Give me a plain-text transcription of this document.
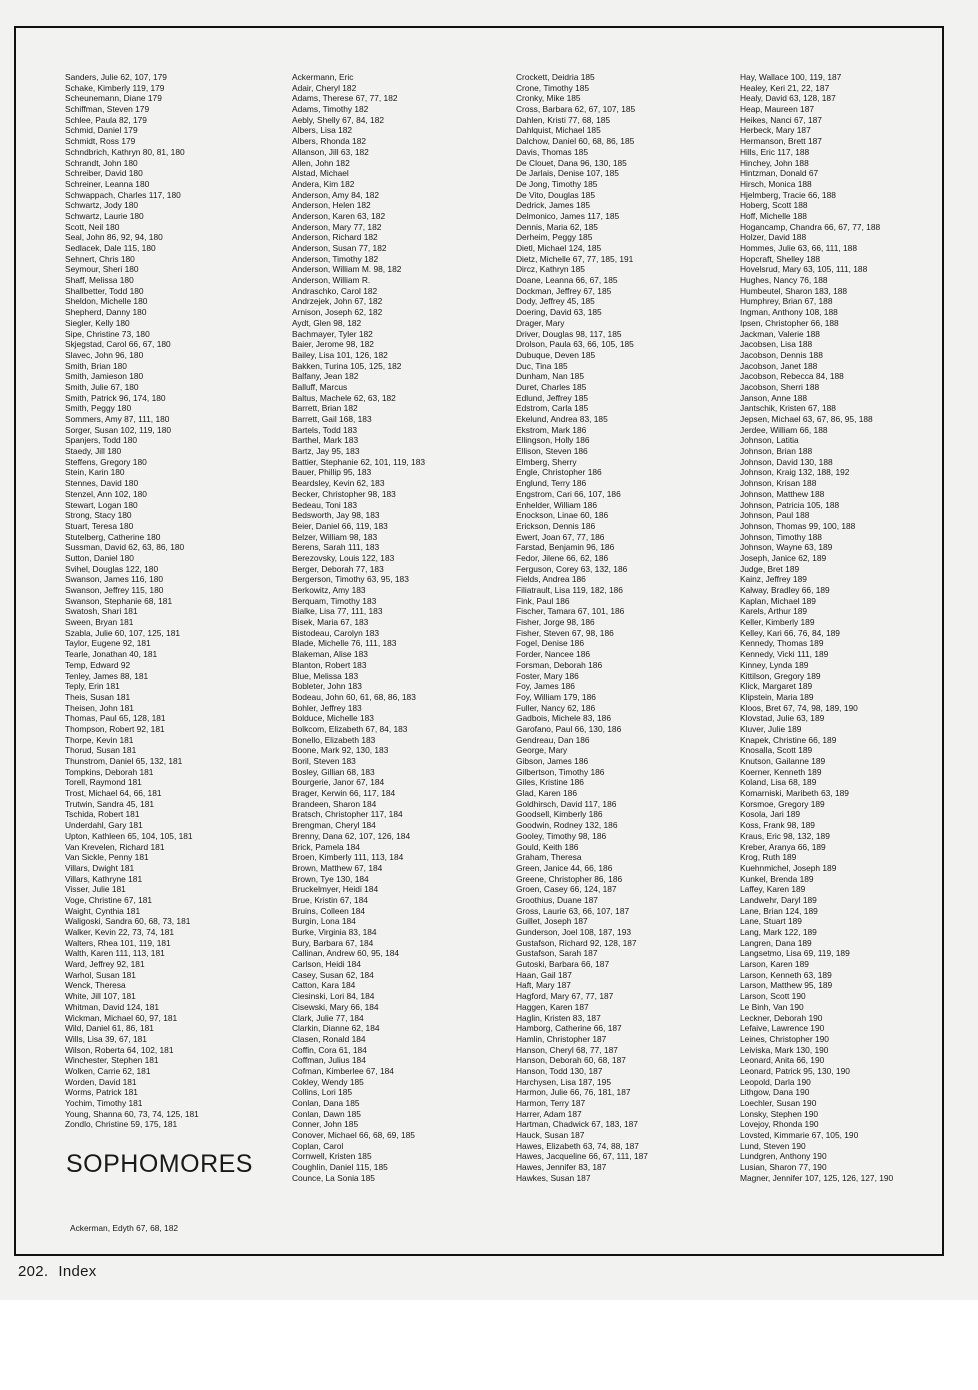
Sanders, Julie 62, 107, 179
Schake, Kimberly 119, 179
Scheunemann, Diane 179
Schiffman, Steven 179
Schlee, Paula 82, 179
Schmid, Daniel 179
Schmidt, Ross 179
Schndbrich, Kathryn 80, 81, 180
Schrandt, John 180
Schreiber, David 180
Schreiner, Leanna 180
Schwappach, Charles 117, 180
Schwartz, Jody 180
Schwartz, Laurie 180
Scott, Neil 180
Seal, John 86, 92, 94, 180
Sedlacek, Dale 115, 180
Sehnert, Chris 180
Seymour, Sheri 180
Shaff, Melissa 180
Shallbetter, Todd 180
Sheldon, Michelle 180
Shepherd, Danny 180
Siegler, Kelly 180
Sipe, Christine 73, 180
Skjegstad, Carol 66, 67, 180
Slavec, John 96, 180
Smith, Brian 180
Smith, Jamieson 180
Smith, Julie 67, 180
Smith, Patrick 96, 174, 180
Smith, Peggy 180
Sommers, Amy 87, 111, 180
Sorger, Susan 102, 119, 180
Spanjers, Todd 180
Staedy, Jill 180
Steffens, Gregory 180
Stein, Karin 180
Stennes, David 180
Stenzel, Ann 102, 180
Stewart, Logan 180
Strong, Stacy 180
Stuart, Teresa 180
Stutelberg, Catherine 180
Sussman, David 62, 63, 86, 180
Sutton, Daniel 180
Svihel, Douglas 122, 180
Swanson, James 116, 180
Swanson, Jeffrey 115, 180
Swanson, Stephanie 68, 181
Swatosh, Shari 181
Sween, Bryan 181
Szabla, Julie 60, 107, 125, 181
Taylor, Eugene 92, 181
Tearle, Jonathan 40, 181
Temp, Edward 92
Tenley, James 88, 181
Teply, Erin 181
Theis, Susan 181
Theisen, John 181
Thomas, Paul 65, 128, 181
Thompson, Robert 92, 181
Thorpe, Kevin 181
Thorud, Susan 181
Thunstrom, Daniel 65, 132, 181
Tompkins, Deborah 181
Torell, Raymond 181
Trost, Michael 64, 66, 181
Trutwin, Sandra 45, 181
Tschida, Robert 181
Underdahl, Gary 181
Upton, Kathleen 65, 104, 105, 181
Van Krevelen, Richard 181
Van Sickle, Penny 181
Villars, Dwight 181
Villars, Kathryne 181
Visser, Julie 181
Voge, Christine 67, 181
Waight, Cynthia 181
Waligoski, Sandra 60, 68, 73, 181
Walker, Kevin 22, 73, 74, 181
Walters, Rhea 101, 119, 181
Walth, Karen 111, 113, 181
Ward, Jeffrey 92, 181
Warhol, Susan 181
Wenck, Theresa
White, Jill 107, 181
Whitman, David 124, 181
Wickman, Michael 60, 97, 181
Wild, Daniel 61, 86, 181
Wills, Lisa 39, 67, 181
Wilson, Roberta 64, 102, 181
Winchester, Stephen 181
Wolken, Carrie 62, 181
Worden, David 181
Worms, Patrick 181
Yochim, Timothy 181
Young, Shanna 60, 73, 74, 125, 181
Zondlo, Christine 59, 175, 181
Ackermann, Eric
Adair, Cheryl 182
Adams, Therese 67, 77, 182
Adams, Timothy 182
Aebly, Shelly 67, 84, 182
Albers, Lisa 182
Albers, Rhonda 182
Allanson, Jill 63, 182
Allen, John 182
Alstad, Michael
Andera, Kim 182
Anderson, Amy 84, 182
Anderson, Helen 182
Anderson, Karen 63, 182
Anderson, Mary 77, 182
Anderson, Richard 182
Anderson, Susan 77, 182
Anderson, Timothy 182
Anderson, William M. 98, 182
Anderson, William R.
Andraschko, Carol 182
Andrzejek, John 67, 182
Arnison, Joseph 62, 182
Aydt, Glen 98, 182
Bachmayer, Tyler 182
Baier, Jerome 98, 182
Bailey, Lisa 101, 126, 182
Bakken, Turina 105, 125, 182
Balfany, Jean 182
Balluff, Marcus
Baltus, Machele 62, 63, 182
Barrett, Brian 182
Barrett, Gail 168, 183
Bartels, Todd 183
Barthel, Mark 183
Bartz, Jay 95, 183
Battier, Stephanie 62, 101, 119, 183
Bauer, Phillip 95, 183
Beardsley, Kevin 62, 183
Becker, Christopher 98, 183
Bedeau, Toni 183
Bedsworth, Jay 98, 183
Beier, Daniel 66, 119, 183
Belzer, William 98, 183
Berens, Sarah 111, 183
Berezovsky, Louis 122, 183
Berger, Deborah 77, 183
Bergerson, Timothy 63, 95, 183
Berkowitz, Amy 183
Berquam, Timothy 183
Bialke, Lisa 77, 111, 183
Bisek, Maria 67, 183
Bistodeau, Carolyn 183
Blade, Michelle 76, 111, 183
Blakeman, Alise 183
Blanton, Robert 183
Blue, Melissa 183
Bobleter, John 183
Bodeau, John 60, 61, 68, 86, 183
Bohler, Jeffrey 183
Bolduce, Michelle 183
Bolkcom, Elizabeth 67, 84, 183
Bonello, Elizabeth 183
Boone, Mark 92, 130, 183
Boril, Steven 183
Bosley, Gillian 68, 183
Bourgerie, Janor 67, 184
Brager, Kerwin 66, 117, 184
Brandeen, Sharon 184
Bratsch, Christopher 117, 184
Brengman, Cheryl 184
Brenny, Dana 62, 107, 126, 184
Brick, Pamela 184
Broen, Kimberly 111, 113, 184
Brown, Matthew 67, 184
Brown, Tye 130, 184
Bruckelmyer, Heidi 184
Brue, Kristin 67, 184
Bruins, Colleen 184
Burgin, Lona 184
Burke, Virginia 83, 184
Bury, Barbara 67, 184
Callinan, Andrew 60, 95, 184
Carlson, Heidi 184
Casey, Susan 62, 184
Catton, Kara 184
Ciesinski, Lori 84, 184
Cisewski, Mary 66, 184
Clark, Julie 77, 184
Clarkin, Dianne 62, 184
Clasen, Ronald 184
Coffin, Cora 61, 184
Coffman, Julius 184
Cofman, Kimberlee 67, 184
Cokley, Wendy 185
Collins, Lori 185
Conlan, Dana 185
Conlan, Dawn 185
Conner, John 185
Conover, Michael 66, 68, 69, 185
Coplan, Carol
Cornwell, Kristen 185
Coughlin, Daniel 115, 185
Counce, La Sonia 185
Crockett, Deidria 185
Crone, Timothy 185
Cronky, Mike 185
Cross, Barbara 62, 67, 107, 185
Dahlen, Kristi 77, 68, 185
Dahlquist, Michael 185
Dalchow, Daniel 60, 68, 86, 185
Davis, Thomas 185
De Clouet, Dana 96, 130, 185
De Jarlais, Denise 107, 185
De Jong, Timothy 185
De Vito, Douglas 185
Dedrick, James 185
Delmonico, James 117, 185
Dennis, Maria 62, 185
Derheim, Peggy 185
Dietl, Michael 124, 185
Dietz, Michelle 67, 77, 185, 191
Dircz, Kathryn 185
Doane, Leanna 66, 67, 185
Dockman, Jeffrey 67, 185
Dody, Jeffrey 45, 185
Doering, David 63, 185
Drager, Mary
Driver, Douglas 98, 117, 185
Drolson, Paula 63, 66, 105, 185
Dubuque, Deven 185
Duc, Tina 185
Dunham, Nan 185
Duret, Charles 185
Edlund, Jeffrey 185
Edstrom, Carla 185
Ekelund, Andrea 83, 185
Ekstrom, Mark 186
Ellingson, Holly 186
Ellison, Steven 186
Elmberg, Sherry
Engle, Christopher 186
Englund, Terry 186
Engstrom, Cari 66, 107, 186
Enhelder, William 186
Enockson, Linae 60, 186
Erickson, Dennis 186
Ewert, Joan 67, 77, 186
Farstad, Benjamin 96, 186
Fedor, Jilene 66, 62, 186
Ferguson, Corey 63, 132, 186
Fields, Andrea 186
Filiatrault, Lisa 119, 182, 186
Fink, Paul 186
Fischer, Tamara 67, 101, 186
Fisher, Jorge 98, 186
Fisher, Steven 67, 98, 186
Fogel, Denise 186
Forder, Nancee 186
Forsman, Deborah 186
Foster, Mary 186
Foy, James 186
Foy, William 179, 186
Fuller, Nancy 62, 186
Gadbois, Michele 83, 186
Garofano, Paul 66, 130, 186
Gendreau, Dan 186
George, Mary
Gibson, James 186
Gilbertson, Timothy 186
Giles, Kristine 186
Glad, Karen 186
Goldhirsch, David 117, 186
Goodsell, Kimberly 186
Goodwin, Rodney 132, 186
Gooley, Timothy 98, 186
Gould, Keith 186
Graham, Theresa
Green, Janice 44, 66, 186
Greene, Christopher 86, 186
Groen, Casey 66, 124, 187
Groothius, Duane 187
Gross, Laurie 63, 66, 107, 187
Guillet, Joseph 187
Gunderson, Joel 108, 187, 193
Gustafson, Richard 92, 128, 187
Gustafson, Sarah 187
Gutoski, Barbara 66, 187
Haan, Gail 187
Haft, Mary 187
Hagford, Mary 67, 77, 187
Haggen, Karen 187
Haglin, Kristen 83, 187
Hamborg, Catherine 66, 187
Hamlin, Christopher 187
Hanson, Cheryl 68, 77, 187
Hanson, Deborah 60, 68, 187
Hanson, Todd 130, 187
Harchysen, Lisa 187, 195
Harmon, Julie 66, 76, 181, 187
Harmon, Terry 187
Harrer, Adam 187
Hartman, Chadwick 67, 183, 187
Hauck, Susan 187
Hawes, Elizabeth 63, 74, 88, 187
Hawes, Jacqueline 66, 67, 111, 187
Hawes, Jennifer 83, 187
Hawkes, Susan 187
Hay, Wallace 100, 119, 187
Healey, Keri 21, 22, 187
Healy, David 63, 128, 187
Heap, Maureen 187
Heikes, Nanci 67, 187
Herbeck, Mary 187
Hermanson, Brett 187
Hills, Eric 117, 188
Hinchey, John 188
Hintzman, Donald 67
Hirsch, Monica 188
Hjelmberg, Tracie 66, 188
Hoberg, Scott 188
Hoff, Michelle 188
Hogancamp, Chandra 66, 67, 77, 188
Holzer, David 188
Hommes, Julie 63, 66, 111, 188
Hopcraft, Shelley 188
Hovelsrud, Mary 63, 105, 111, 188
Hughes, Nancy 76, 188
Humbeutel, Sharon 183, 188
Humphrey, Brian 67, 188
Ingman, Anthony 108, 188
Ipsen, Christopher 66, 188
Jackman, Valerie 188
Jacobsen, Lisa 188
Jacobson, Dennis 188
Jacobson, Janet 188
Jacobson, Rebecca 84, 188
Jacobson, Sherri 188
Janson, Anne 188
Jantschik, Kristen 67, 188
Jepsen, Michael 63, 67, 86, 95, 188
Jerdee, William 66, 188
Johnson, Latitia
Johnson, Brian 188
Johnson, David 130, 188
Johnson, Kraig 132, 188, 192
Johnson, Krisan 188
Johnson, Matthew 188
Johnson, Patricia 105, 188
Johnson, Paul 188
Johnson, Thomas 99, 100, 188
Johnson, Timothy 188
Johnson, Wayne 63, 189
Joseph, Janice 62, 189
Judge, Bret 189
Kainz, Jeffrey 189
Kalway, Bradley 66, 189
Kaplan, Michael 189
Karels, Arthur 189
Keller, Kimberly 189
Kelley, Kari 66, 76, 84, 189
Kennedy, Thomas 189
Kennedy, Vicki 111, 189
Kinney, Lynda 189
Kittilson, Gregory 189
Klick, Margaret 189
Klipstein, Maria 189
Kloos, Bret 67, 74, 98, 189, 190
Klovstad, Julie 63, 189
Kluver, Julie 189
Knapek, Christine 66, 189
Knosalla, Scott 189
Knutson, Gailanne 189
Koerner, Kenneth 189
Koland, Lisa 68, 189
Komarniski, Maribeth 63, 189
Korsmoe, Gregory 189
Kosola, Jari 189
Koss, Frank 98, 189
Kraus, Eric 98, 132, 189
Kreber, Aranya 66, 189
Krog, Ruth 189
Kuehnmichel, Joseph 189
Kunkel, Brenda 189
Laffey, Karen 189
Landwehr, Daryl 189
Lane, Brian 124, 189
Lane, Stuart 189
Lang, Mark 122, 189
Langren, Dana 189
Langsetmo, Lisa 69, 119, 189
Larson, Karen 189
Larson, Kenneth 63, 189
Larson, Matthew 95, 189
Larson, Scott 190
Le Binh, Van 190
Leckner, Deborah 190
Lefaive, Lawrence 190
Leines, Christopher 190
Leiviska, Mark 130, 190
Leonard, Anita 66, 190
Leonard, Patrick 95, 130, 190
Leopold, Darla 190
Lithgow, Dana 190
Loechler, Susan 190
Lonsky, Stephen 190
Lovejoy, Rhonda 190
Lovsted, Kimmarie 67, 105, 190
Lund, Steven 190
Lundgren, Anthony 190
Lusian, Sharon 77, 190
Magner, Jennifer 107, 125, 126, 127, 190
SOPHOMORES
Ackerman, Edyth 67, 68, 182
202. Index
